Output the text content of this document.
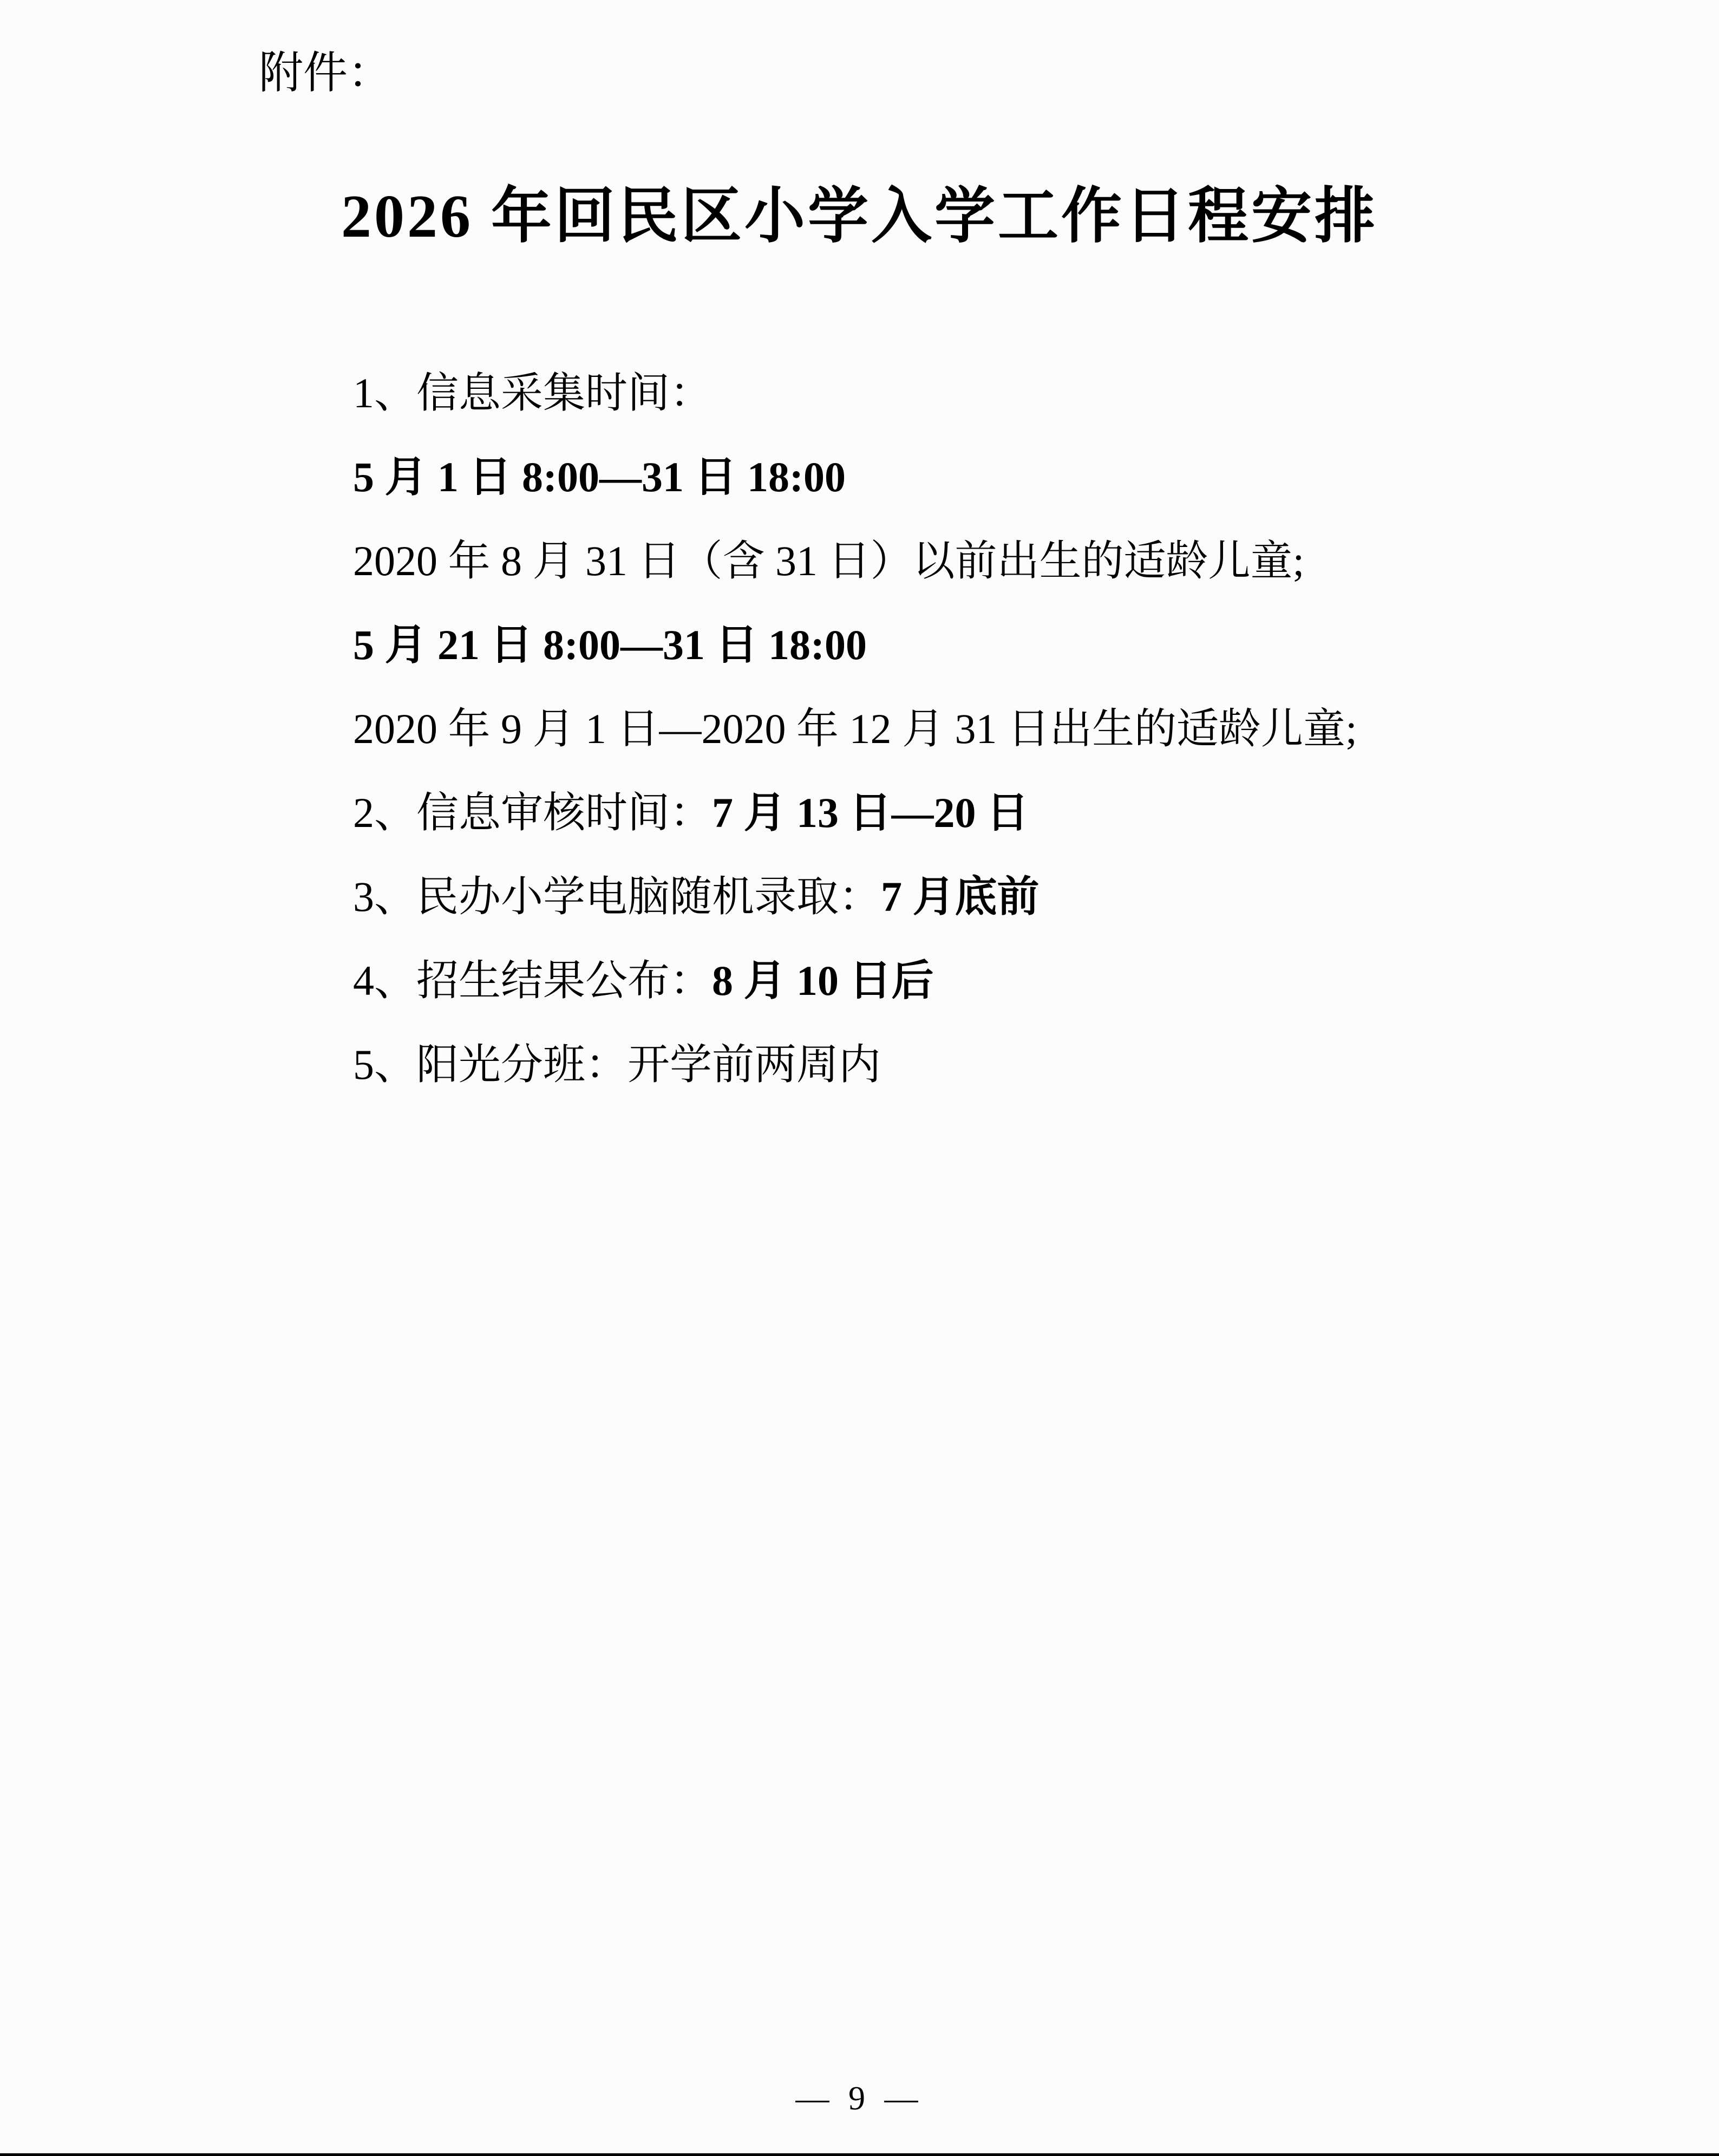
附件：
2026 年回民区小学入学工作日程安排

1、信息采集时间：

5 月 1 日 8:00—31 日 18:00

2020 年 8 月 31 日（含 31 日）以前出生的适龄儿童;

5 月 21 日 8:00—31 日 18:00

2020 年 9 月 1 日—2020 年 12 月 31 日出生的适龄儿童;

2、信息审核时间：7 月 13 日—20 日

3、民办小学电脑随机录取：7 月底前

4、招生结果公布：8 月 10 日后

5、阳光分班：开学前两周内

— 9 —
